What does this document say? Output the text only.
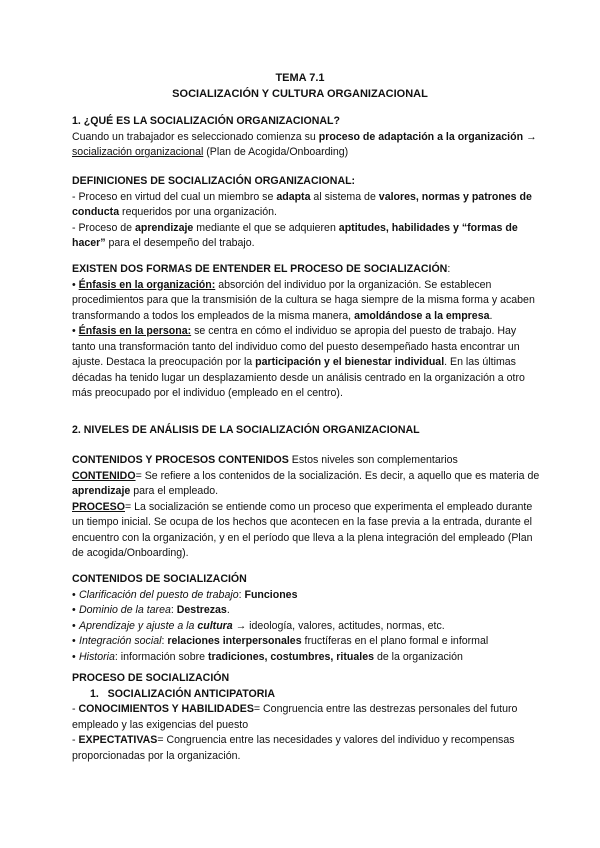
TEMA 7.1
SOCIALIZACIÓN Y CULTURA ORGANIZACIONAL

1. ¿QUÉ ES LA SOCIALIZACIÓN ORGANIZACIONAL?

Cuando un trabajador es seleccionado comienza su proceso de adaptación a la organización → socialización organizacional (Plan de Acogida/Onboarding)

DEFINICIONES DE SOCIALIZACIÓN ORGANIZACIONAL:

- Proceso en virtud del cual un miembro se adapta al sistema de valores, normas y patrones de conducta requeridos por una organización.

- Proceso de aprendizaje mediante el que se adquieren aptitudes, habilidades y “formas de hacer” para el desempeño del trabajo.

EXISTEN DOS FORMAS DE ENTENDER EL PROCESO DE SOCIALIZACIÓN:

• Énfasis en la organización: absorción del individuo por la organización. Se establecen procedimientos para que la transmisión de la cultura se haga siempre de la misma forma y acaben transformando a todos los empleados de la misma manera, amoldándose a la empresa.

• Énfasis en la persona: se centra en cómo el individuo se apropia del puesto de trabajo. Hay tanto una transformación tanto del individuo como del puesto desempeñado hasta encontrar un ajuste. Destaca la preocupación por la participación y el bienestar individual. En las últimas décadas ha tenido lugar un desplazamiento desde un análisis centrado en la organización a otro más preocupado por el individuo (empleado en el centro).

2. NIVELES DE ANÁLISIS DE LA SOCIALIZACIÓN ORGANIZACIONAL

CONTENIDOS Y PROCESOS CONTENIDOS Estos niveles son complementarios

CONTENIDO= Se refiere a los contenidos de la socialización. Es decir, a aquello que es materia de aprendizaje para el empleado.

PROCESO= La socialización se entiende como un proceso que experimenta el empleado durante un tiempo inicial. Se ocupa de los hechos que acontecen en la fase previa a la entrada, durante el encuentro con la organización, y en el período que lleva a la plena integración del empleado (Plan de acogida/Onboarding).

CONTENIDOS DE SOCIALIZACIÓN

• Clarificación del puesto de trabajo: Funciones

• Dominio de la tarea: Destrezas.

• Aprendizaje y ajuste a la cultura → ideología, valores, actitudes, normas, etc.

• Integración social: relaciones interpersonales fructíferas en el plano formal e informal

• Historia: información sobre tradiciones, costumbres, rituales de la organización

PROCESO DE SOCIALIZACIÓN

1.   SOCIALIZACIÓN ANTICIPATORIA

- CONOCIMIENTOS Y HABILIDADES= Congruencia entre las destrezas personales del futuro empleado y las exigencias del puesto

- EXPECTATIVAS= Congruencia entre las necesidades y valores del individuo y recompensas proporcionadas por la organización.
